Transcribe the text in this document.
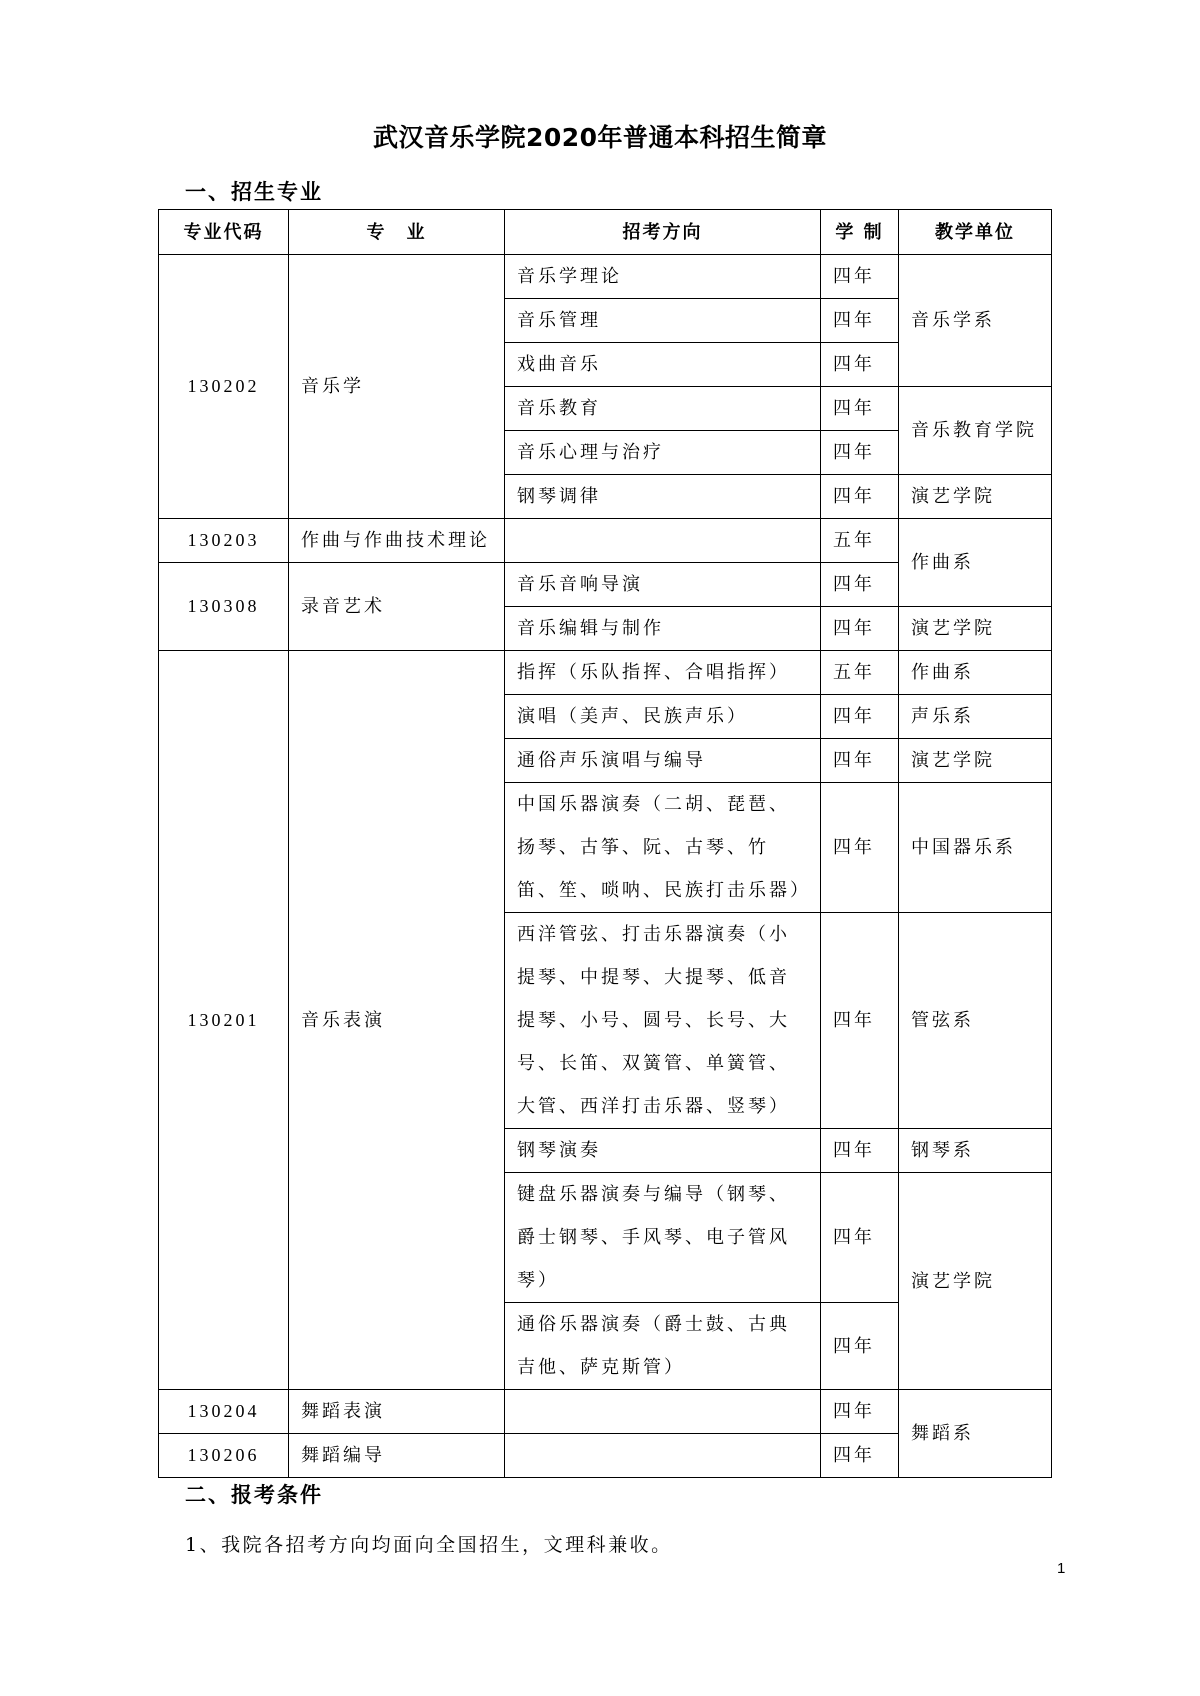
武汉音乐学院2020年普通本科招生简章
一、招生专业
专业代码	专　业	招考方向	学 制	教学单位
130202	音乐学	音乐学理论	四年	音乐学系
		音乐管理	四年	
		戏曲音乐	四年	
		音乐教育	四年	音乐教育学院
		音乐心理与治疗	四年	
		钢琴调律	四年	演艺学院
130203	作曲与作曲技术理论		五年	作曲系
130308	录音艺术	音乐音响导演	四年	
		音乐编辑与制作	四年	演艺学院
130201	音乐表演	指挥（乐队指挥、合唱指挥）	五年	作曲系
		演唱（美声、民族声乐）	四年	声乐系
		通俗声乐演唱与编导	四年	演艺学院
		中国乐器演奏（二胡、琵琶、扬琴、古筝、阮、古琴、竹笛、笙、唢呐、民族打击乐器）	四年	中国器乐系
		西洋管弦、打击乐器演奏（小提琴、中提琴、大提琴、低音提琴、小号、圆号、长号、大号、长笛、双簧管、单簧管、大管、西洋打击乐器、竖琴）	四年	管弦系
		钢琴演奏	四年	钢琴系
		键盘乐器演奏与编导（钢琴、爵士钢琴、手风琴、电子管风琴）	四年	演艺学院
		通俗乐器演奏（爵士鼓、古典吉他、萨克斯管）	四年	
130204	舞蹈表演		四年	舞蹈系
130206	舞蹈编导		四年	
二、报考条件
1、我院各招考方向均面向全国招生，文理科兼收。
1
